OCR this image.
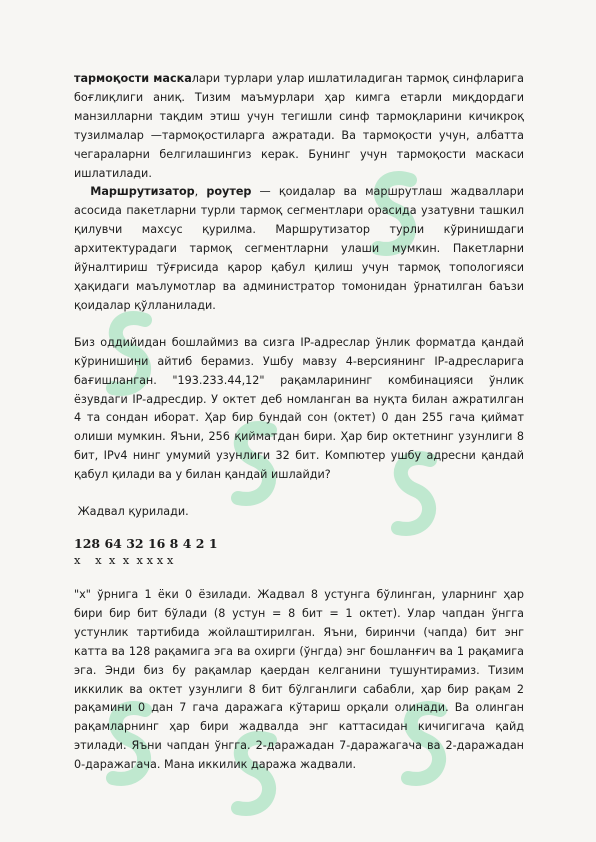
тармоқости маскалари турлари улар ишлатиладиган тармоқ синфларига боғлиқлиги аниқ. Тизим маъмурлари ҳар кимга етарли миқдордаги манзилларни тақдим этиш учун тегишли синф тармоқларини кичикроқ тузилмалар —тармоқостиларга ажратади. Ва тармоқости учун, албатта чегараларни белгилашингиз керак. Бунинг учун тармоқости маскаси ишлатилади.

Маршрутизатор, роутер — қоидалар ва маршрутлаш жадваллари асосида пакетларни турли тармоқ сегментлари орасида узатувни ташкил қилувчи махсус қурилма. Маршрутизатор турли кўринишдаги архитектурадаги тармоқ сегментларни улаши мумкин. Пакетларни йўналтириш тўғрисида қарор қабул қилиш учун тармоқ топологияси ҳақидаги маълумотлар ва администратор томонидан ўрнатилган баъзи қоидалар қўлланилади.

Биз оддийидан бошлаймиз ва сизга IP-адреслар ўнлик форматда қандай кўринишини айтиб берамиз. Ушбу мавзу 4-версиянинг IP-адресларига бағишланган. "193.233.44,12" рақамларининг комбинацияси ўнлик ёзувдаги IP-адресдир. У октет деб номланган ва нуқта билан ажратилган 4 та сондан иборат. Ҳар бир бундай сон (октет) 0 дан 255 гача қиймат олиши мумкин. Яъни, 256 қийматдан бири. Ҳар бир октетнинг узунлиги 8 бит, IPv4 нинг умумий узунлиги 32 бит. Компютер ушбу адресни қандай қабул қилади ва у билан қандай ишлайди?

Жадвал қурилади.

128 64 32 16 8 4 2 1

x    x  x  x  x x x x

"x" ўрнига 1 ёки 0 ёзилади. Жадвал 8 устунга бўлинган, уларнинг ҳар бири бир бит бўлади (8 устун = 8 бит = 1 октет). Улар чапдан ўнгга устунлик тартибида жойлаштирилган. Яъни, биринчи (чапда) бит энг катта ва 128 рақамига эга ва охирги (ўнгда) энг бошланғич ва 1 рақамига эга. Энди биз бу рақамлар қаердан келганини тушунтирамиз. Тизим иккилик ва октет узунлиги 8 бит бўлганлиги сабабли, ҳар бир рақам 2 рақамини 0 дан 7 гача даражага кўтариш орқали олинади. Ва олинган рақамларнинг ҳар бири жадвалда энг каттасидан кичигигача қайд этилади. Яъни чапдан ўнгга. 2-даражадан 7-даражагача ва 2-даражадан 0-даражагача. Мана иккилик даража жадвали.
